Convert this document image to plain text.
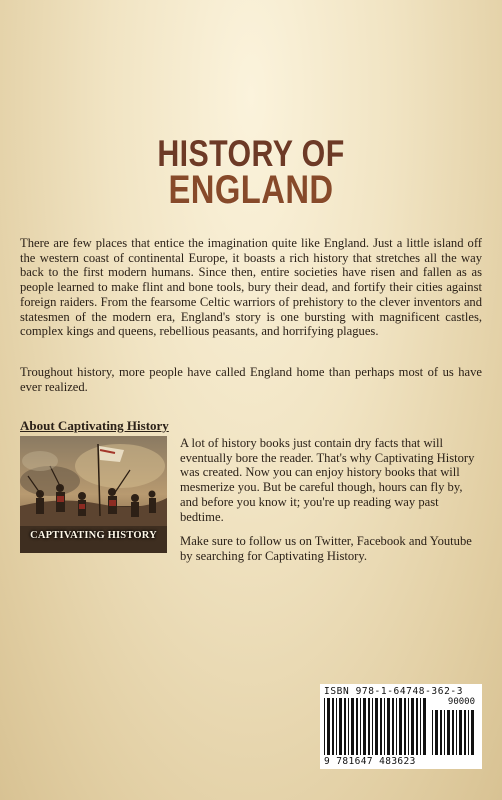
HISTORY OF
ENGLAND

There are few places that entice the imagination quite like England. Just a little island off the western coast of continental Europe, it boasts a rich history that stretches all the way back to the first modern humans. Since then, entire societies have risen and fallen as as people learned to make flint and bone tools, bury their dead, and fortify their cities against foreign raiders. From the fearsome Celtic warriors of prehistory to the clever inventors and statesmen of the modern era, England's story is one bursting with magnificent castles, complex kings and queens, rebellious peasants, and horrifying plagues.

Troughout history, more people have called England home than perhaps most of us have ever realized.

About Captivating History
CAPTIVATING HISTORY

A lot of history books just contain dry facts that will eventually bore the reader. That's why Captivating History was created. Now you can enjoy history books that will mesmerize you. But be careful though, hours can fly by, and before you know it; you're up reading way past bedtime.

Make sure to follow us on Twitter, Facebook and Youtube by searching for Captivating History.

ISBN 978-1-64748-362-3
90000
9 781647 483623
